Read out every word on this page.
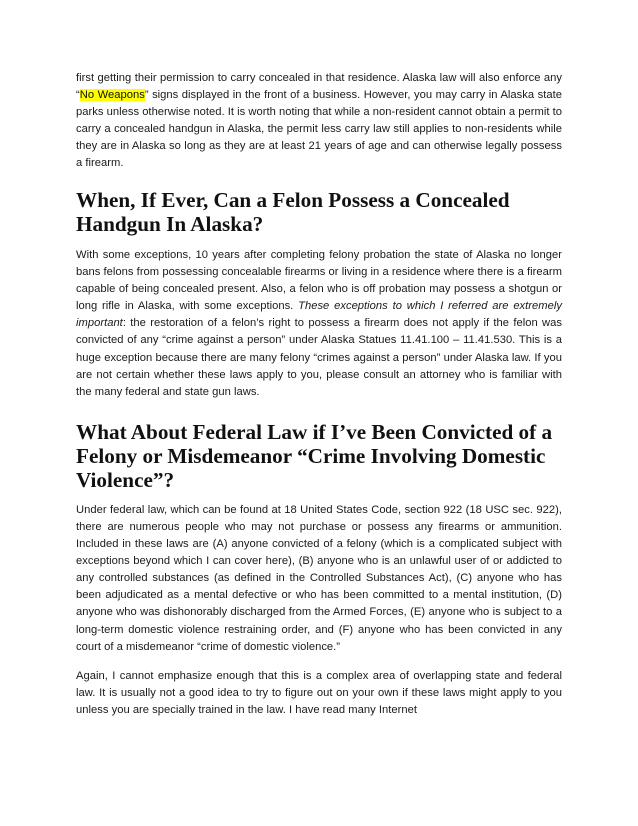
first getting their permission to carry concealed in that residence. Alaska law will also enforce any “No Weapons” signs displayed in the front of a business. However, you may carry in Alaska state parks unless otherwise noted. It is worth noting that while a non-resident cannot obtain a permit to carry a concealed handgun in Alaska, the permit less carry law still applies to non-residents while they are in Alaska so long as they are at least 21 years of age and can otherwise legally possess a firearm.

When, If Ever, Can a Felon Possess a Concealed Handgun In Alaska?

With some exceptions, 10 years after completing felony probation the state of Alaska no longer bans felons from possessing concealable firearms or living in a residence where there is a firearm capable of being concealed present. Also, a felon who is off probation may possess a shotgun or long rifle in Alaska, with some exceptions. These exceptions to which I referred are extremely important: the restoration of a felon’s right to possess a firearm does not apply if the felon was convicted of any “crime against a person” under Alaska Statues 11.41.100 – 11.41.530. This is a huge exception because there are many felony “crimes against a person” under Alaska law. If you are not certain whether these laws apply to you, please consult an attorney who is familiar with the many federal and state gun laws.

What About Federal Law if I’ve Been Convicted of a Felony or Misdemeanor “Crime Involving Domestic Violence”?

Under federal law, which can be found at 18 United States Code, section 922 (18 USC sec. 922), there are numerous people who may not purchase or possess any firearms or ammunition. Included in these laws are (A) anyone convicted of a felony (which is a complicated subject with exceptions beyond which I can cover here), (B) anyone who is an unlawful user of or addicted to any controlled substances (as defined in the Controlled Substances Act), (C) anyone who has been adjudicated as a mental defective or who has been committed to a mental institution, (D) anyone who was dishonorably discharged from the Armed Forces, (E) anyone who is subject to a long-term domestic violence restraining order, and (F) anyone who has been convicted in any court of a misdemeanor “crime of domestic violence.”

Again, I cannot emphasize enough that this is a complex area of overlapping state and federal law. It is usually not a good idea to try to figure out on your own if these laws might apply to you unless you are specially trained in the law. I have read many Internet
